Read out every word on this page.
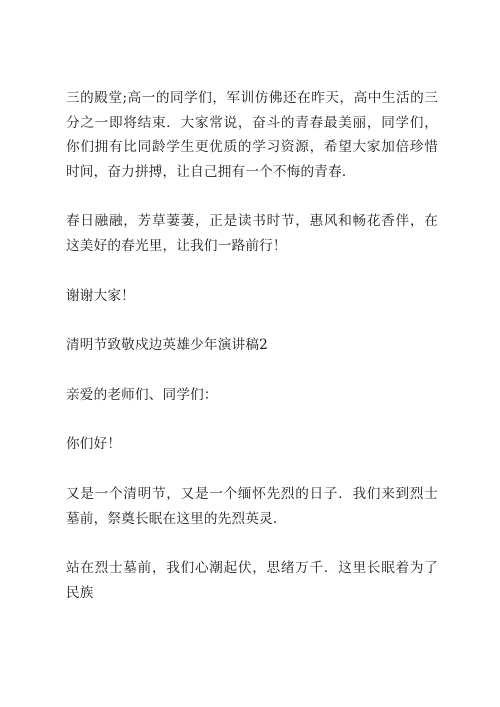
三的殿堂;高一的同学们，军训仿佛还在昨天，高中生活的三分之一即将结束．大家常说，奋斗的青春最美丽，同学们，你们拥有比同龄学生更优质的学习资源，希望大家加倍珍惜时间，奋力拼搏，让自己拥有一个不悔的青春．

春日融融，芳草萋萋，正是读书时节，惠风和畅花香伴，在这美好的春光里，让我们一路前行！

谢谢大家！

清明节致敬戍边英雄少年演讲稿2

亲爱的老师们、同学们：

你们好！

又是一个清明节，又是一个缅怀先烈的日子．我们来到烈士墓前，祭奠长眠在这里的先烈英灵．

站在烈士墓前，我们心潮起伏，思绪万千．这里长眠着为了民族
